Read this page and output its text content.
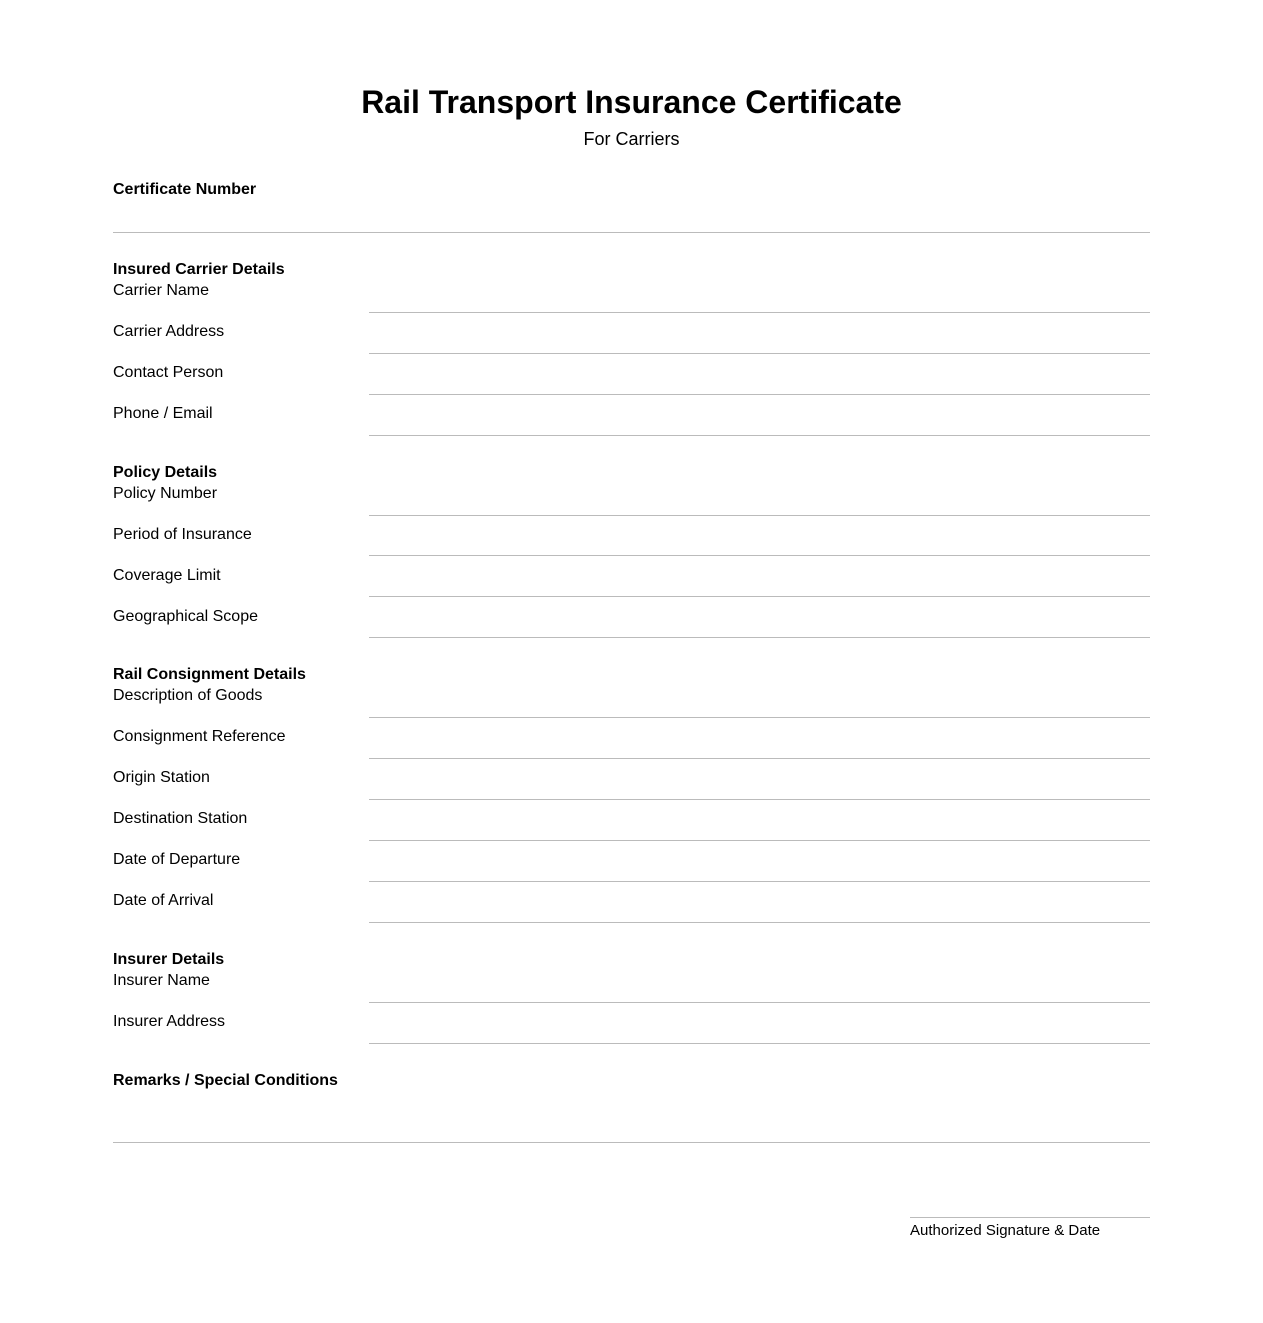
Rail Transport Insurance Certificate
For Carriers
Certificate Number
Insured Carrier Details
Carrier Name
Carrier Address
Contact Person
Phone / Email
Policy Details
Policy Number
Period of Insurance
Coverage Limit
Geographical Scope
Rail Consignment Details
Description of Goods
Consignment Reference
Origin Station
Destination Station
Date of Departure
Date of Arrival
Insurer Details
Insurer Name
Insurer Address
Remarks / Special Conditions
Authorized Signature & Date
